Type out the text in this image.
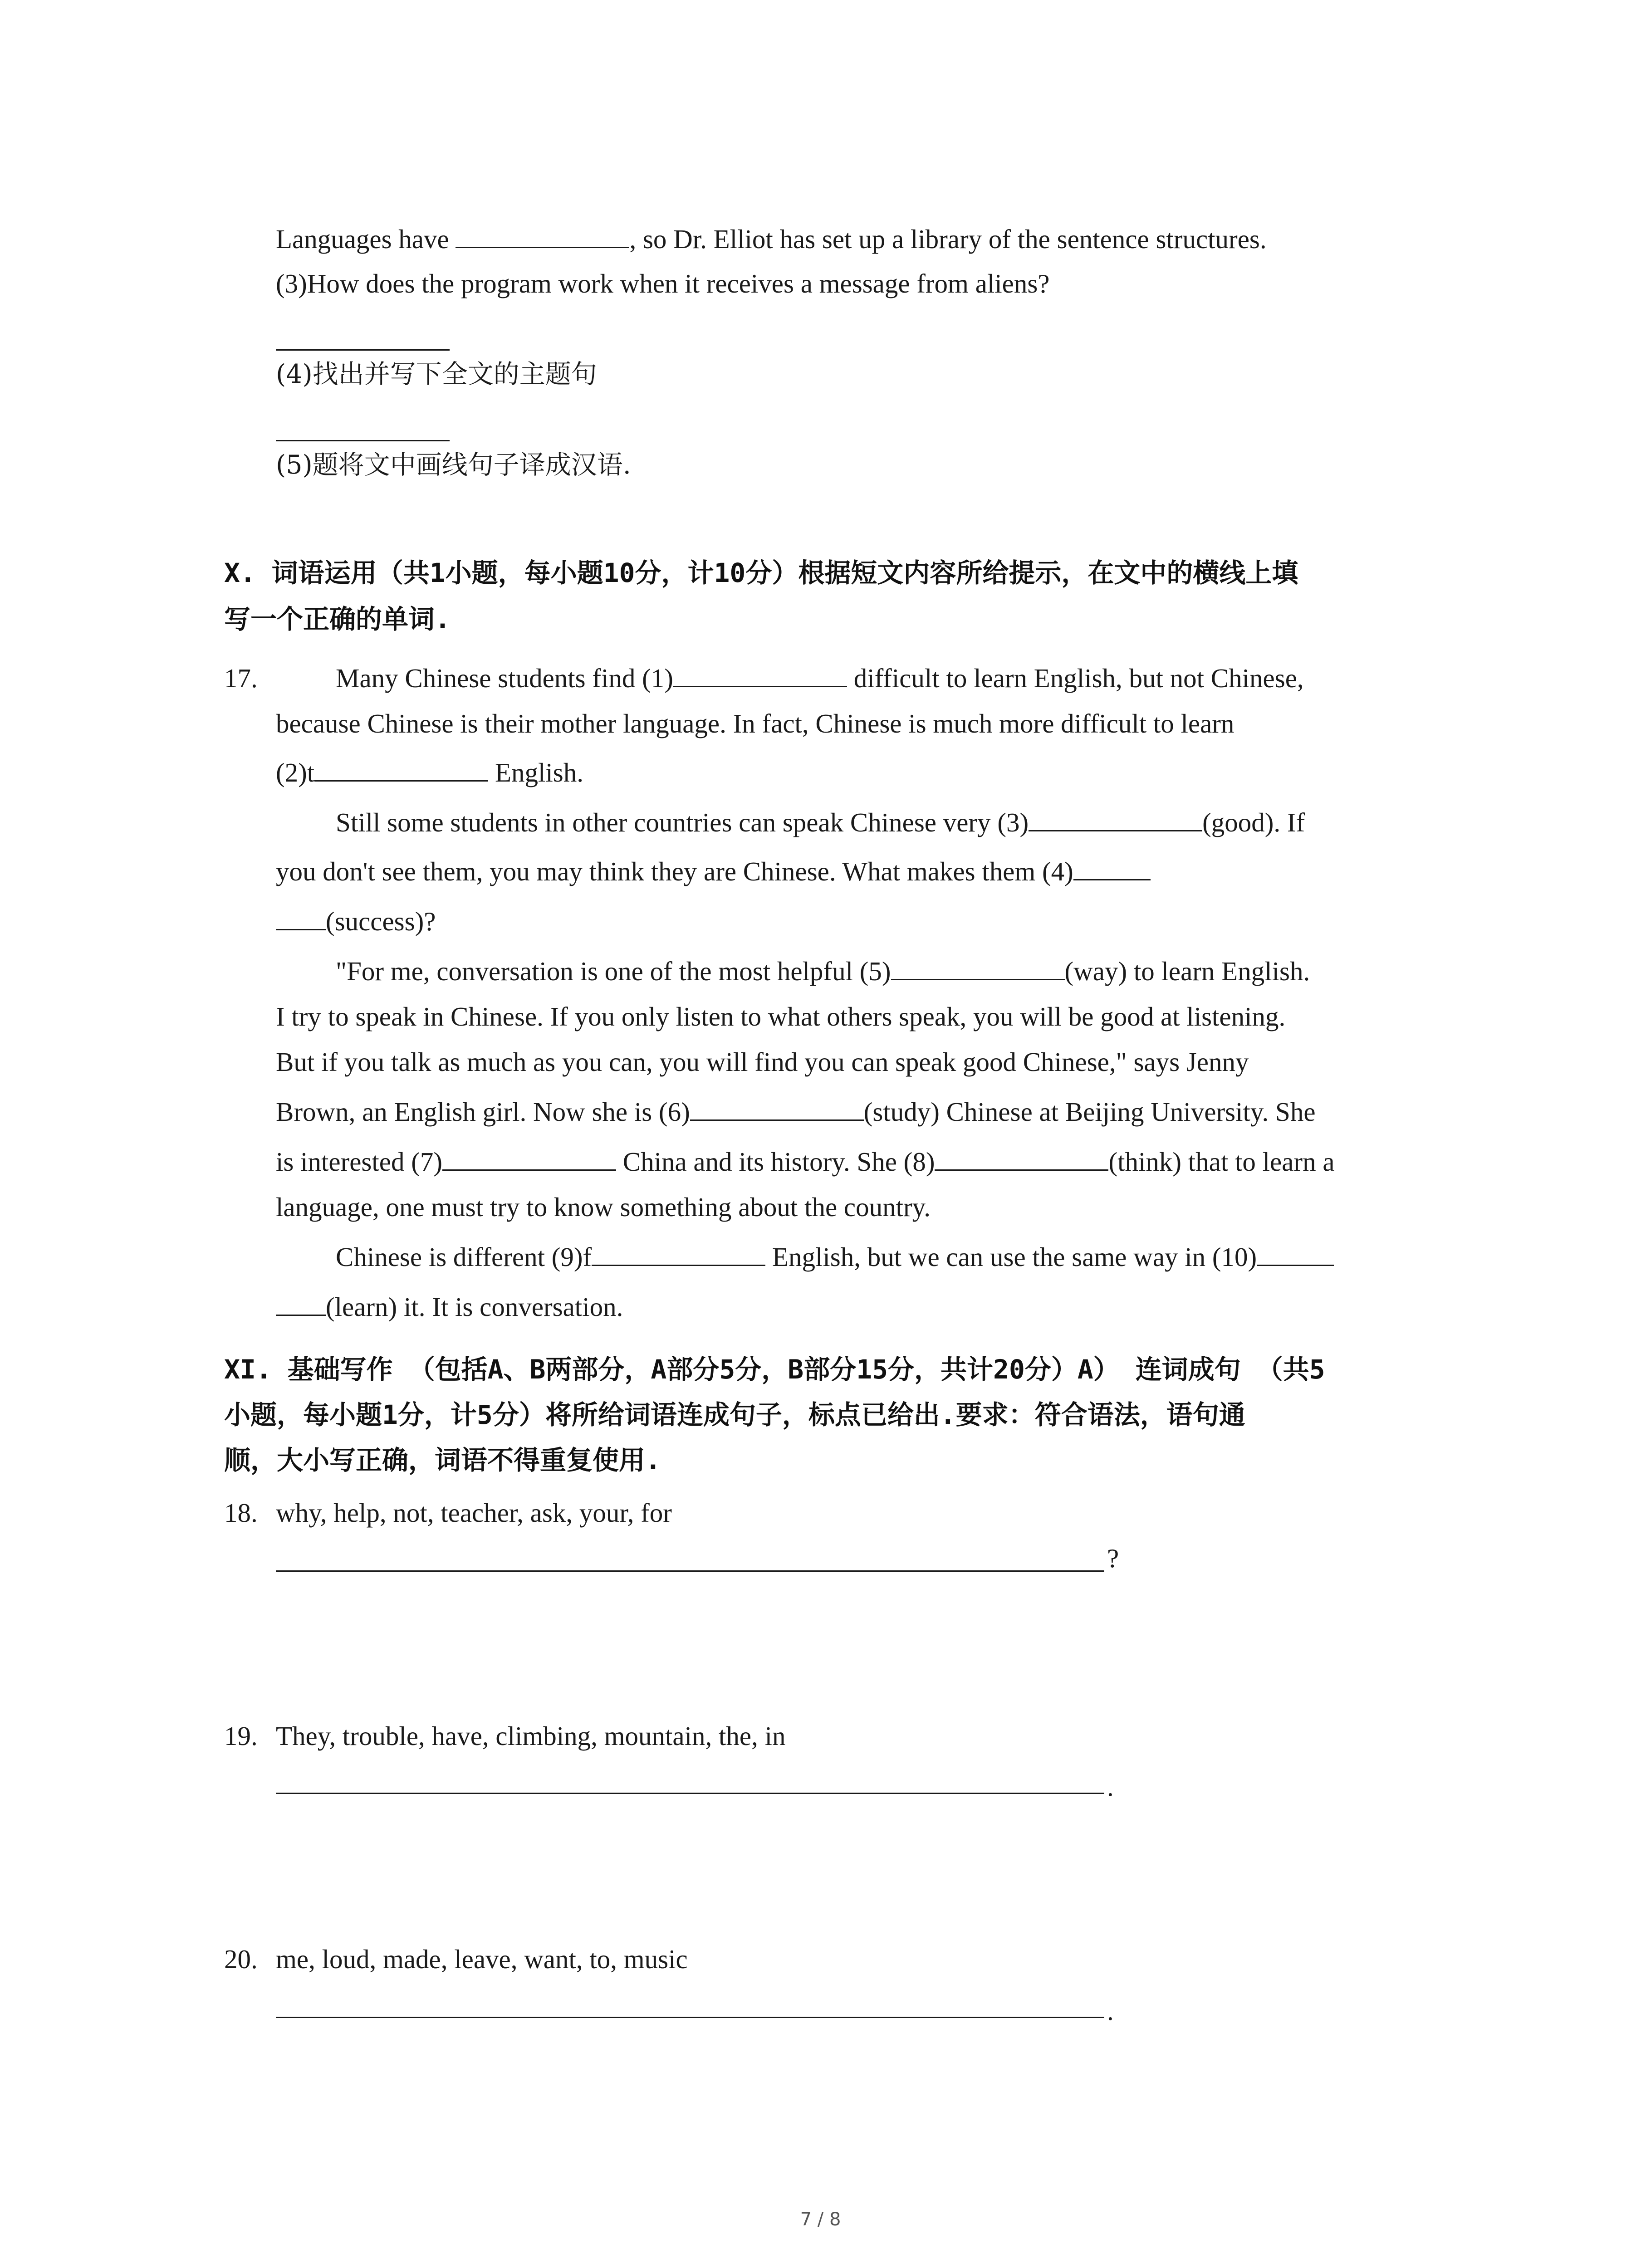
Languages have	, so Dr. Elliot has set up a library of the sentence structures.
(3)How does the program work when it receives a message from aliens?
(4)找出并写下全文的主题句
(5)题将文中画线句子译成汉语.
X. 词语运用（共1小题，每小题10分，计10分）根据短文内容所给提示，在文中的横线上填
写一个正确的单词.
17.	Many Chinese students find (1)	difficult to learn English, but not Chinese,
because Chinese is their mother language. In fact, Chinese is much more difficult to learn
(2)t	English.
Still some students in other countries can speak Chinese very (3)	(good). If
you don't see them, you may think they are Chinese. What makes them (4)
(success)?
"For me, conversation is one of the most helpful (5)	(way) to learn English.
I try to speak in Chinese. If you only listen to what others speak, you will be good at listening.
But if you talk as much as you can, you will find you can speak good Chinese," says Jenny
Brown, an English girl. Now she is (6)	(study) Chinese at Beijing University. She
is interested (7)	China and its history. She (8)	(think) that to learn a
language, one must try to know something about the country.
Chinese is different (9)f	English, but we can use the same way in (10)
(learn) it. It is conversation.
XI. 基础写作 （包括A、B两部分，A部分5分，B部分15分，共计20分）A） 连词成句 （共5
小题，每小题1分，计5分）将所给词语连成句子，标点已给出.要求：符合语法，语句通
顺，大小写正确，词语不得重复使用.
18. why, help, not, teacher, ask, your, for
?
19. They, trouble, have, climbing, mountain, the, in
.
20. me, loud, made, leave, want, to, music
.
7 / 8
